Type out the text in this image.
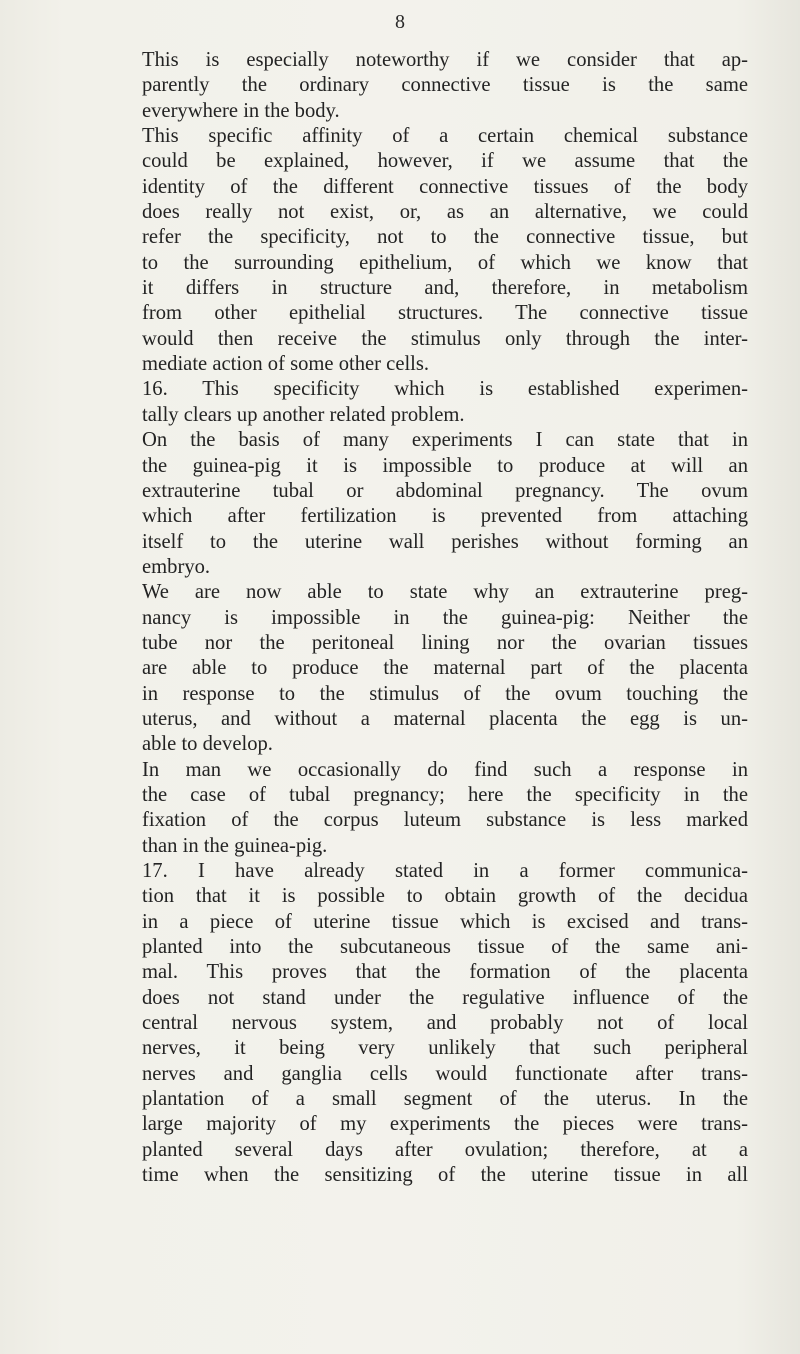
8
This is especially noteworthy if we consider that ap-
parently the ordinary connective tissue is the same
everywhere in the body.
This specific affinity of a certain chemical substance
could be explained, however, if we assume that the
identity of the different connective tissues of the body
does really not exist, or, as an alternative, we could
refer the specificity, not to the connective tissue, but
to the surrounding epithelium, of which we know that
it differs in structure and, therefore, in metabolism
from other epithelial structures. The connective tissue
would then receive the stimulus only through the inter-
mediate action of some other cells.
16. This specificity which is established experimen-
tally clears up another related problem.
On the basis of many experiments I can state that in
the guinea-pig it is impossible to produce at will an
extrauterine tubal or abdominal pregnancy. The ovum
which after fertilization is prevented from attaching
itself to the uterine wall perishes without forming an
embryo.
We are now able to state why an extrauterine preg-
nancy is impossible in the guinea-pig: Neither the
tube nor the peritoneal lining nor the ovarian tissues
are able to produce the maternal part of the placenta
in response to the stimulus of the ovum touching the
uterus, and without a maternal placenta the egg is un-
able to develop.
In man we occasionally do find such a response in
the case of tubal pregnancy; here the specificity in the
fixation of the corpus luteum substance is less marked
than in the guinea-pig.
17. I have already stated in a former communica-
tion that it is possible to obtain growth of the decidua
in a piece of uterine tissue which is excised and trans-
planted into the subcutaneous tissue of the same ani-
mal. This proves that the formation of the placenta
does not stand under the regulative influence of the
central nervous system, and probably not of local
nerves, it being very unlikely that such peripheral
nerves and ganglia cells would functionate after trans-
plantation of a small segment of the uterus. In the
large majority of my experiments the pieces were trans-
planted several days after ovulation; therefore, at a
time when the sensitizing of the uterine tissue in all
